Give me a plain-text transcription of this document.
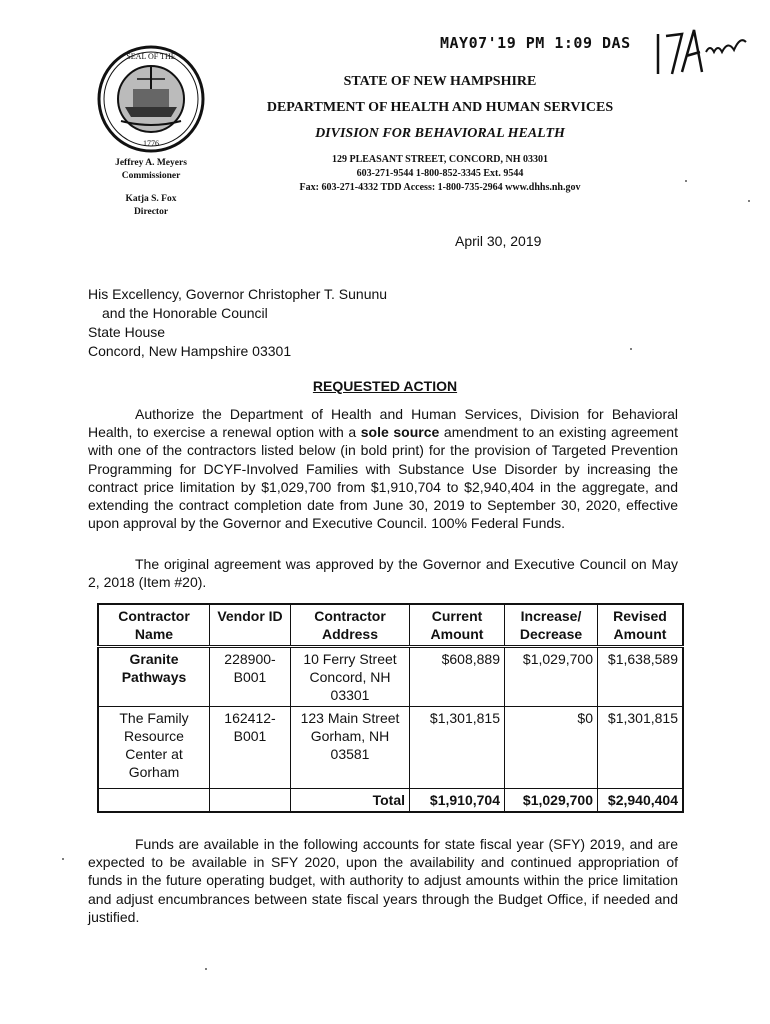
SEAL OF THE
1776
MAY07'19 PM 1:09 DAS
STATE OF NEW HAMPSHIRE
DEPARTMENT OF HEALTH AND HUMAN SERVICES
DIVISION FOR BEHAVIORAL HEALTH
129 PLEASANT STREET, CONCORD, NH 03301
603-271-9544 1-800-852-3345 Ext. 9544
Fax: 603-271-4332 TDD Access: 1-800-735-2964 www.dhhs.nh.gov
Jeffrey A. Meyers
Commissioner
Katja S. Fox
Director
April 30, 2019
His Excellency, Governor Christopher T. Sununu
and the Honorable Council
State House
Concord, New Hampshire 03301
REQUESTED ACTION
Authorize the Department of Health and Human Services, Division for Behavioral Health, to exercise a renewal option with a sole source amendment to an existing agreement with one of the contractors listed below (in bold print) for the provision of Targeted Prevention Programming for DCYF-Involved Families with Substance Use Disorder by increasing the contract price limitation by $1,029,700 from $1,910,704 to $2,940,404 in the aggregate, and extending the contract completion date from June 30, 2019 to September 30, 2020, effective upon approval by the Governor and Executive Council. 100% Federal Funds.
The original agreement was approved by the Governor and Executive Council on May 2, 2018 (Item #20).
Contractor Name	Vendor ID	Contractor Address	Current Amount	Increase/ Decrease	Revised Amount
Granite Pathways	228900-B001	10 Ferry Street Concord, NH 03301	$608,889	$1,029,700	$1,638,589
The Family Resource Center at Gorham	162412-B001	123 Main Street Gorham, NH 03581	$1,301,815	$0	$1,301,815
		Total	$1,910,704	$1,029,700	$2,940,404
Funds are available in the following accounts for state fiscal year (SFY) 2019, and are expected to be available in SFY 2020, upon the availability and continued appropriation of funds in the future operating budget, with authority to adjust amounts within the price limitation and adjust encumbrances between state fiscal years through the Budget Office, if needed and justified.
